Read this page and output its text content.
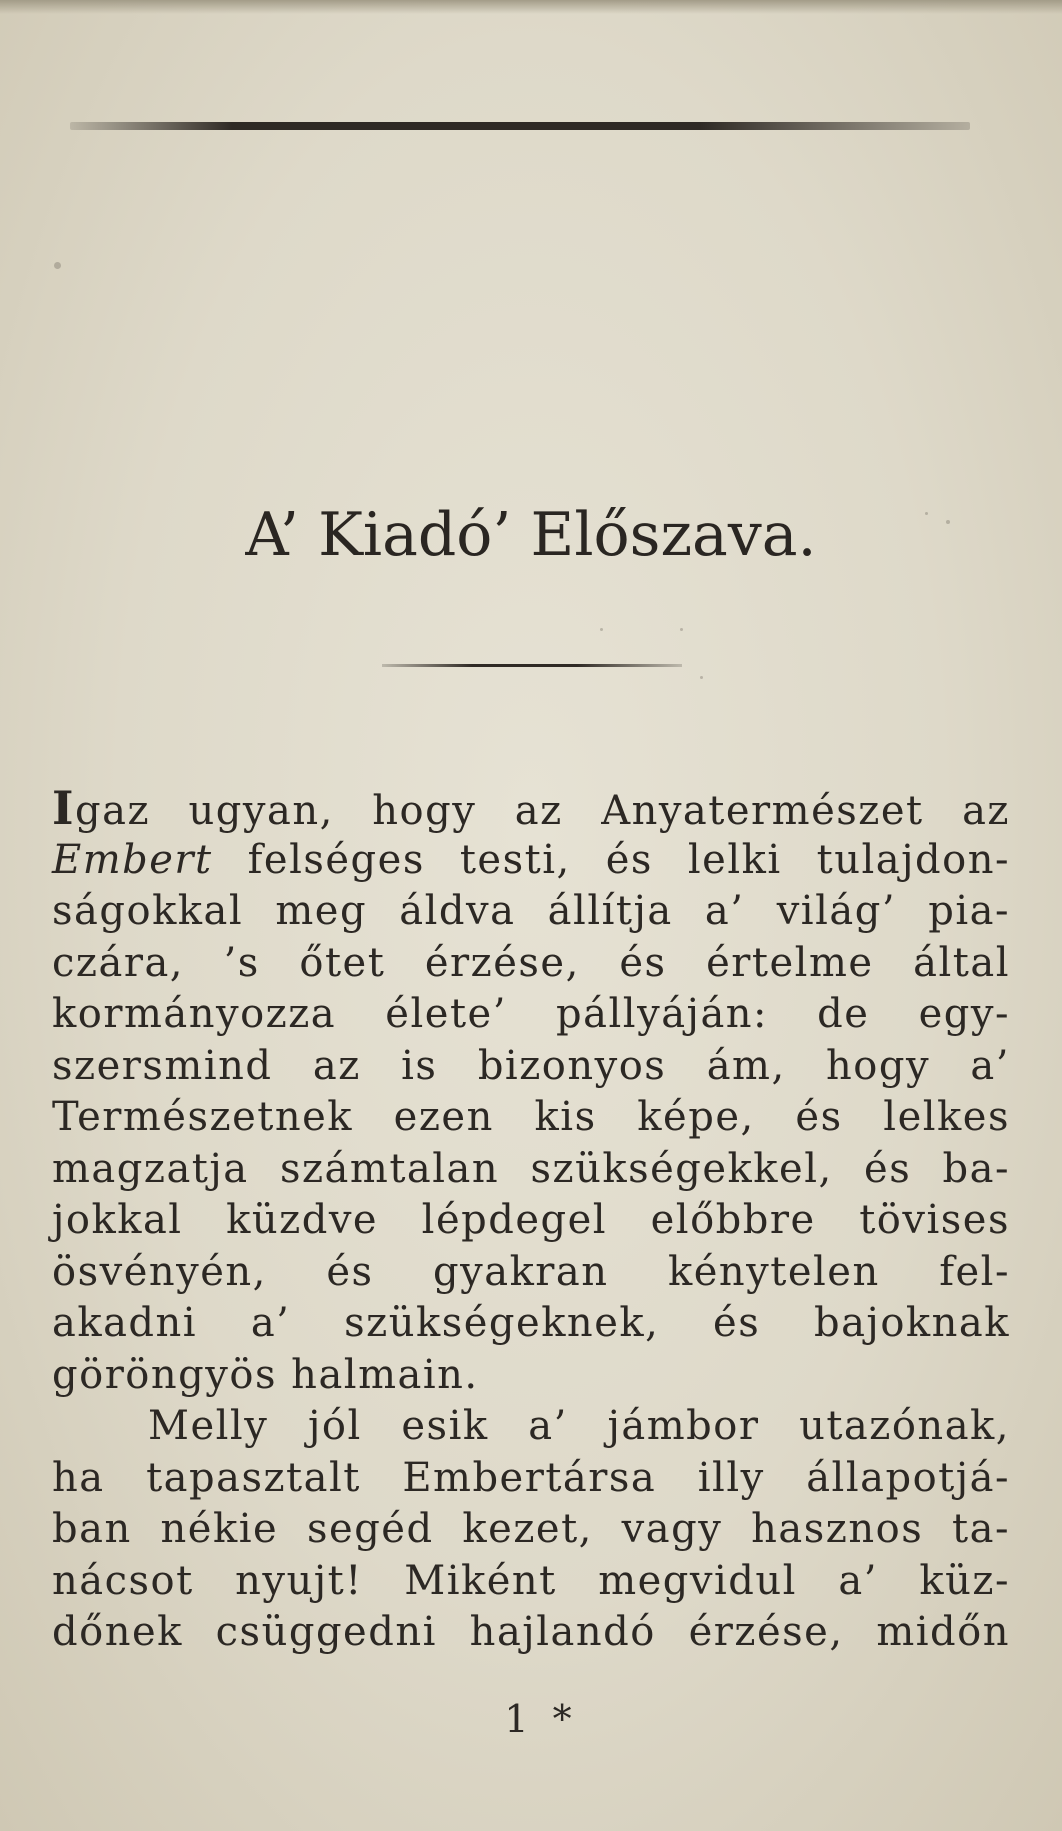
A’ Kiadó’ Előszava.
Igaz ugyan, hogy az Anyatermészet az
Embert felséges testi, és lelki tulajdon-
ságokkal meg áldva állítja a’ világ’ pia-
czára, ’s őtet érzése, és értelme által
kormányozza élete’ pállyáján: de egy-
szersmind az is bizonyos ám, hogy a’
Természetnek ezen kis képe, és lelkes
magzatja számtalan szükségekkel, és ba-
jokkal küzdve lépdegel előbbre tövises
ösvényén, és gyakran kénytelen fel-
akadni a’ szükségeknek, és bajoknak
göröngyös halmain.
Melly jól esik a’ jámbor utazónak,
ha tapasztalt Embertársa illy állapotjá-
ban nékie segéd kezet, vagy hasznos ta-
nácsot nyujt! Miként megvidul a’ küz-
dőnek csüggedni hajlandó érzése, midőn
1 *
